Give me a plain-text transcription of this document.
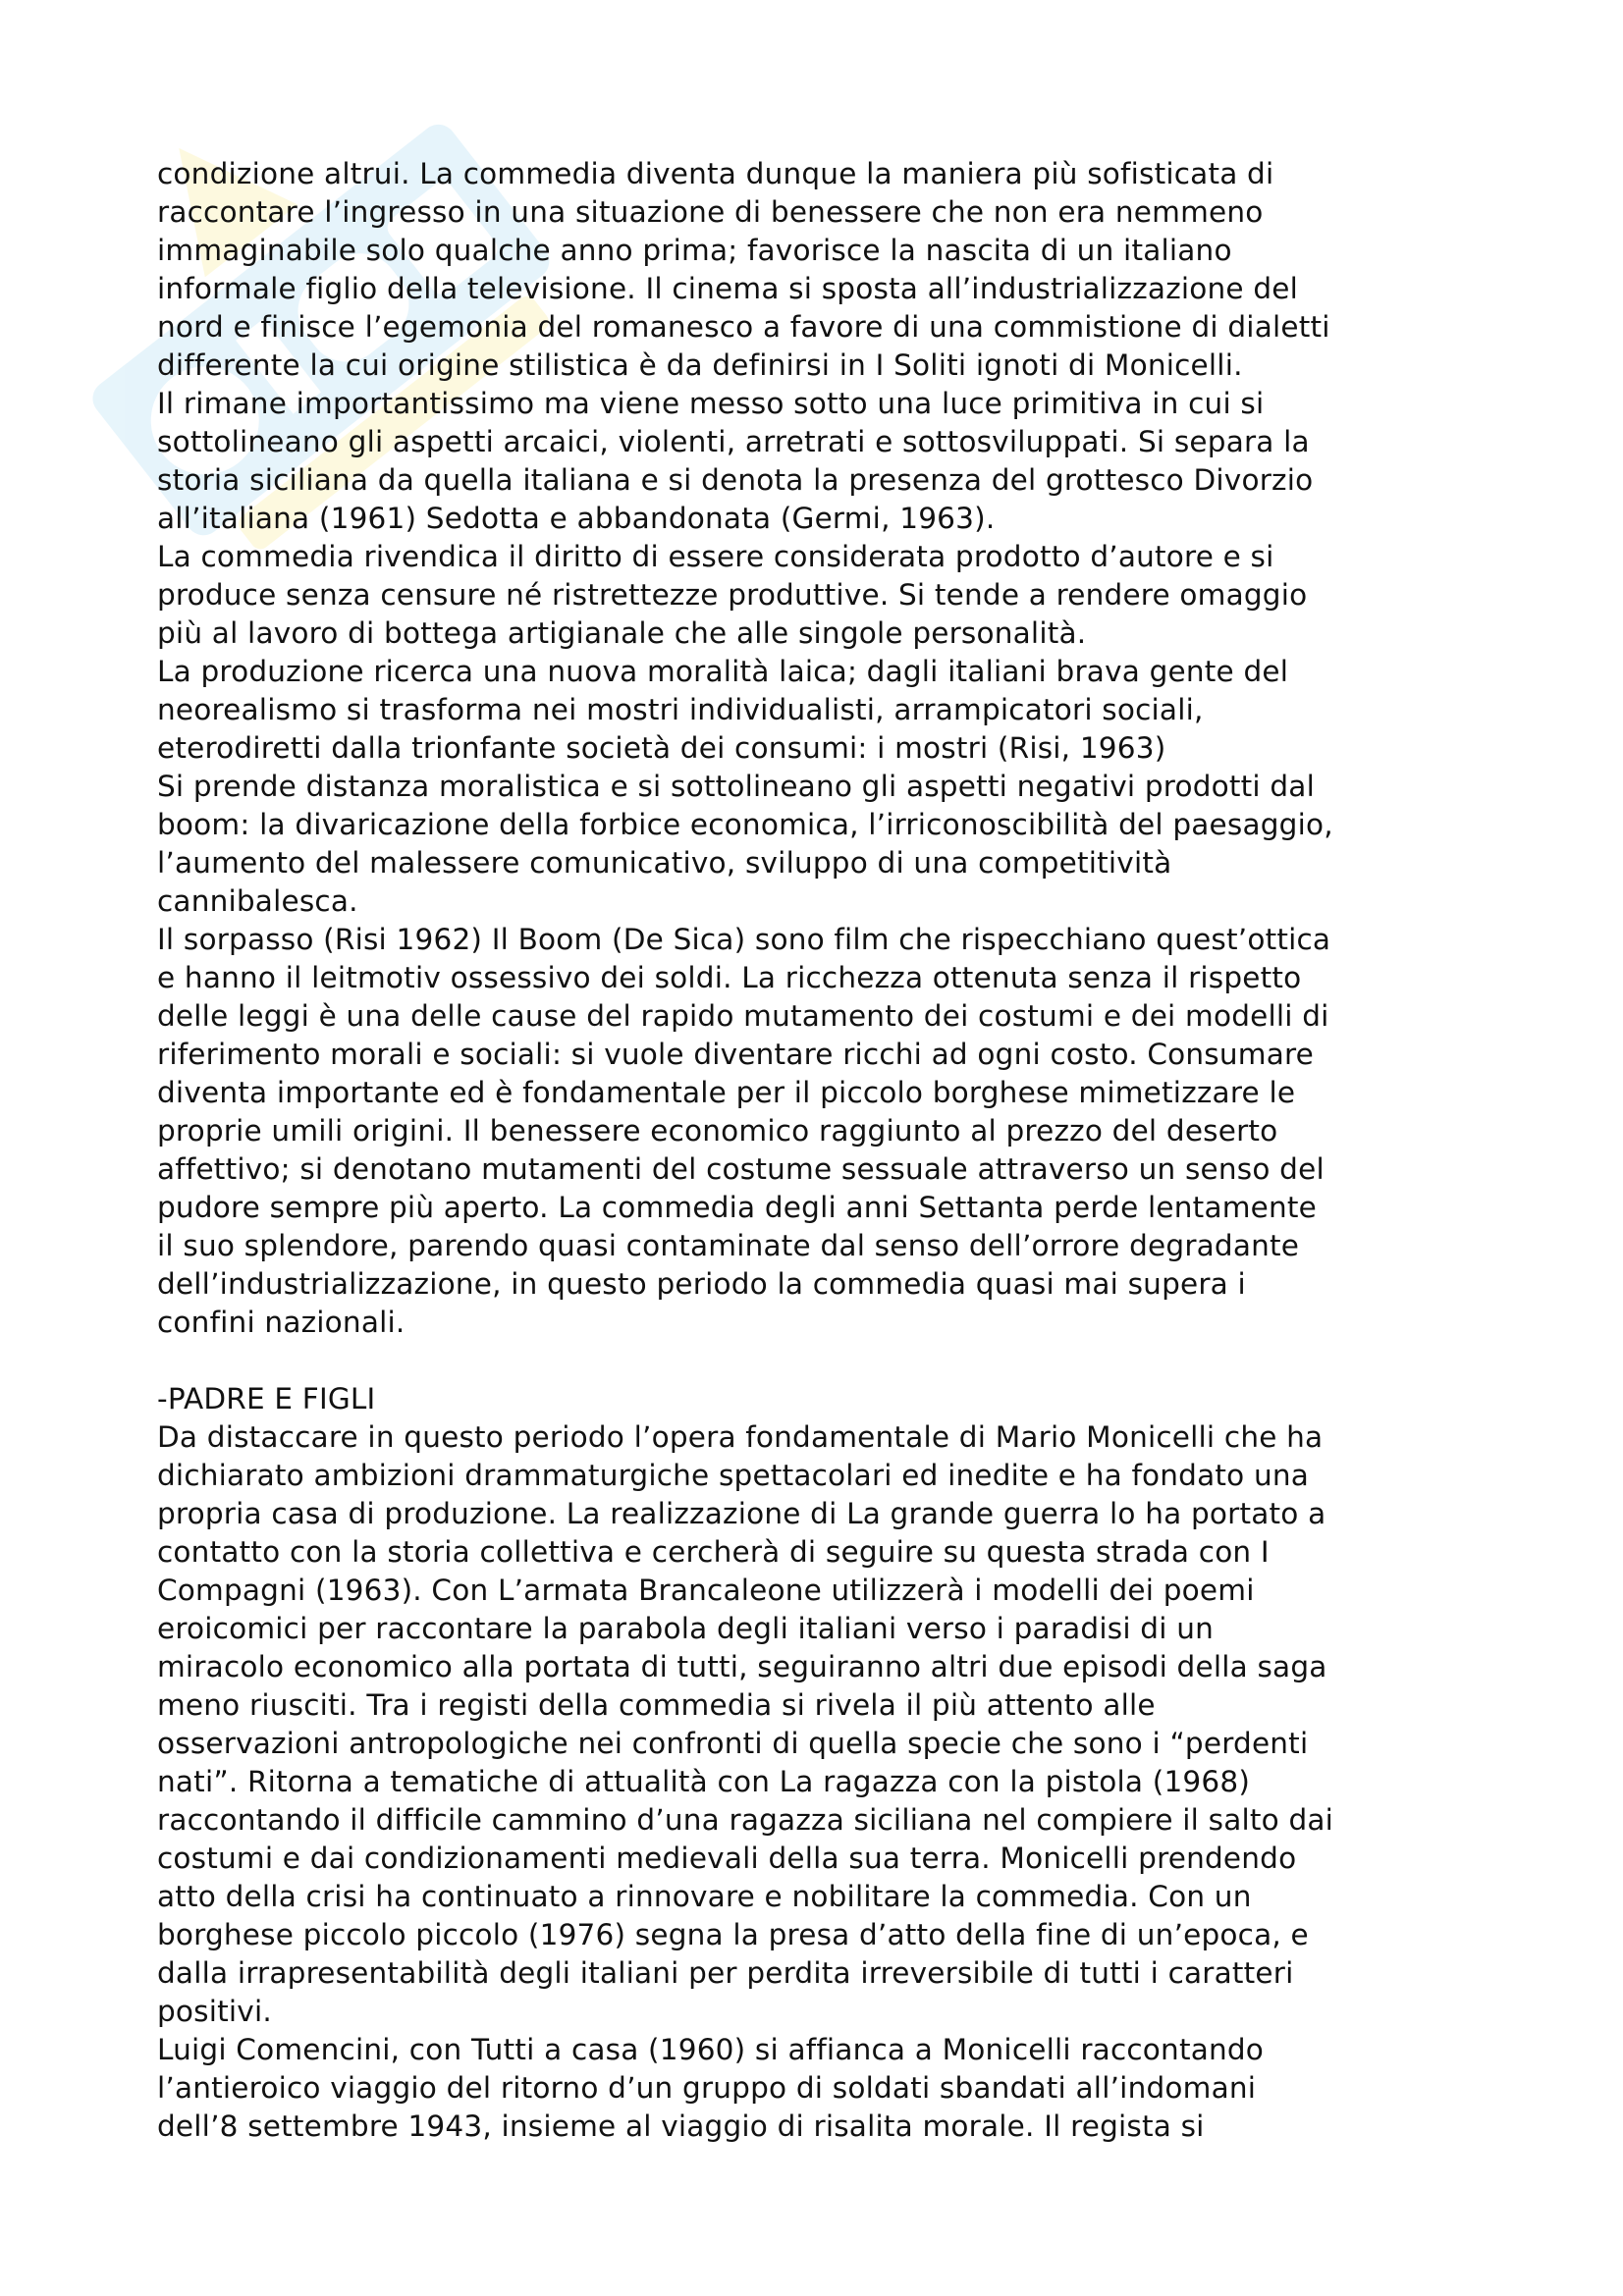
condizione altrui. La commedia diventa dunque la maniera più sofisticata di
raccontare l’ingresso in una situazione di benessere che non era nemmeno
immaginabile solo qualche anno prima; favorisce la nascita di un italiano
informale figlio della televisione. Il cinema si sposta all’industrializzazione del
nord e finisce l’egemonia del romanesco a favore di una commistione di dialetti
differente la cui origine stilistica è da definirsi in I Soliti ignoti di Monicelli.
Il rimane importantissimo ma viene messo sotto una luce primitiva in cui si
sottolineano gli aspetti arcaici, violenti, arretrati e sottosviluppati. Si separa la
storia siciliana da quella italiana e si denota la presenza del grottesco Divorzio
all’italiana (1961) Sedotta e abbandonata (Germi, 1963).
La commedia rivendica il diritto di essere considerata prodotto d’autore e si
produce senza censure né ristrettezze produttive. Si tende a rendere omaggio
più al lavoro di bottega artigianale che alle singole personalità.
La produzione ricerca una nuova moralità laica; dagli italiani brava gente del
neorealismo si trasforma nei mostri individualisti, arrampicatori sociali,
eterodiretti dalla trionfante società dei consumi: i mostri (Risi, 1963)
Si prende distanza moralistica e si sottolineano gli aspetti negativi prodotti dal
boom: la divaricazione della forbice economica, l’irriconoscibilità del paesaggio,
l’aumento del malessere comunicativo, sviluppo di una competitività
cannibalesca.
Il sorpasso (Risi 1962) Il Boom (De Sica) sono film che rispecchiano quest’ottica
e hanno il leitmotiv ossessivo dei soldi. La ricchezza ottenuta senza il rispetto
delle leggi è una delle cause del rapido mutamento dei costumi e dei modelli di
riferimento morali e sociali: si vuole diventare ricchi ad ogni costo. Consumare
diventa importante ed è fondamentale per il piccolo borghese mimetizzare le
proprie umili origini. Il benessere economico raggiunto al prezzo del deserto
affettivo; si denotano mutamenti del costume sessuale attraverso un senso del
pudore sempre più aperto. La commedia degli anni Settanta perde lentamente
il suo splendore, parendo quasi contaminate dal senso dell’orrore degradante
dell’industrializzazione, in questo periodo la commedia quasi mai supera i
confini nazionali.
-PADRE E FIGLI
Da distaccare in questo periodo l’opera fondamentale di Mario Monicelli che ha
dichiarato ambizioni drammaturgiche spettacolari ed inedite e ha fondato una
propria casa di produzione. La realizzazione di La grande guerra lo ha portato a
contatto con la storia collettiva e cercherà di seguire su questa strada con I
Compagni (1963). Con L’armata Brancaleone utilizzerà i modelli dei poemi
eroicomici per raccontare la parabola degli italiani verso i paradisi di un
miracolo economico alla portata di tutti, seguiranno altri due episodi della saga
meno riusciti. Tra i registi della commedia si rivela il più attento alle
osservazioni antropologiche nei confronti di quella specie che sono i “perdenti
nati”. Ritorna a tematiche di attualità con La ragazza con la pistola (1968)
raccontando il difficile cammino d’una ragazza siciliana nel compiere il salto dai
costumi e dai condizionamenti medievali della sua terra. Monicelli prendendo
atto della crisi ha continuato a rinnovare e nobilitare la commedia. Con un
borghese piccolo piccolo (1976) segna la presa d’atto della fine di un’epoca, e
dalla irrapresentabilità degli italiani per perdita irreversibile di tutti i caratteri
positivi.
Luigi Comencini, con Tutti a casa (1960) si affianca a Monicelli raccontando
l’antieroico viaggio del ritorno d’un gruppo di soldati sbandati all’indomani
dell’8 settembre 1943, insieme al viaggio di risalita morale. Il regista si
